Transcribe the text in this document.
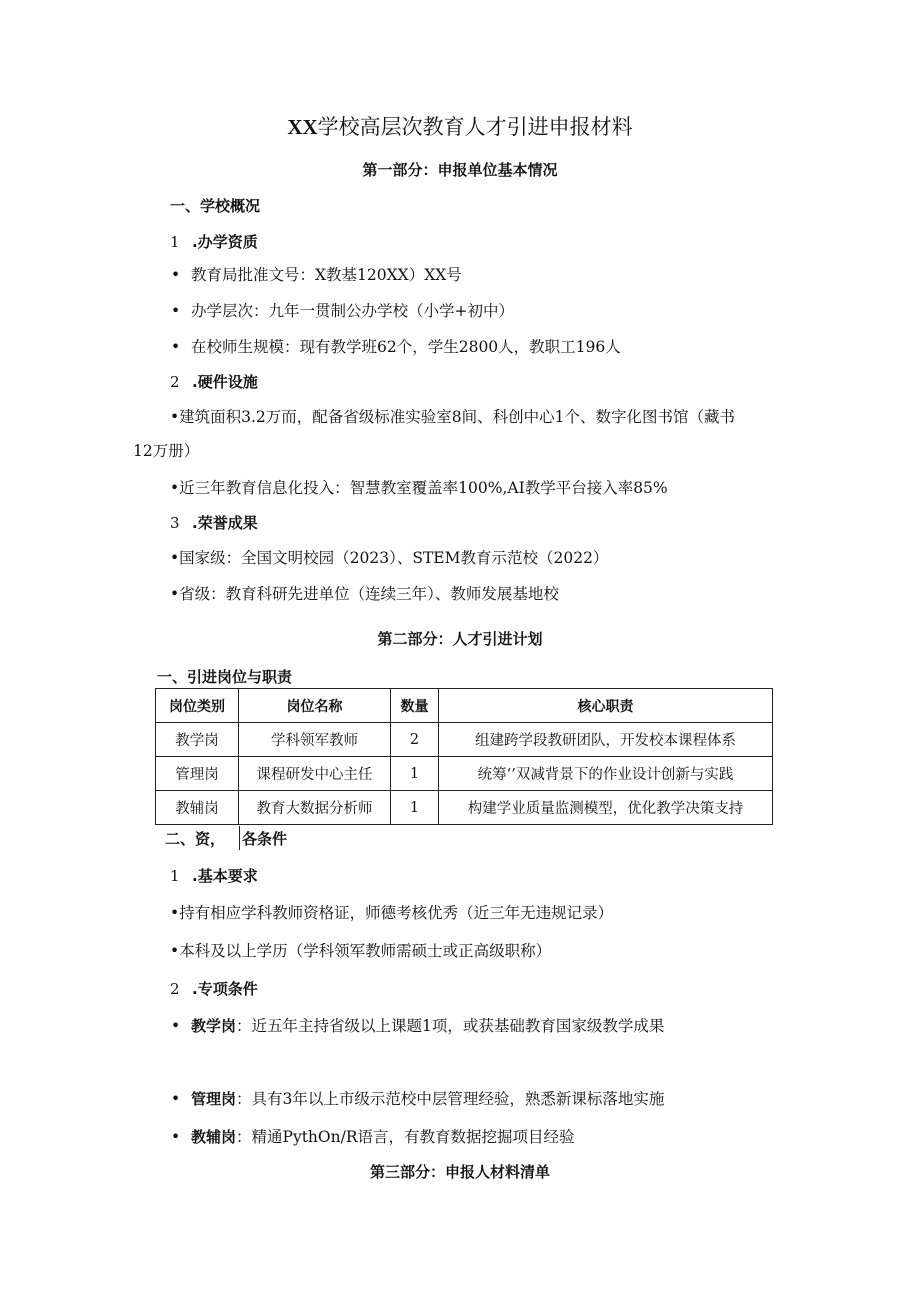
XX学校高层次教育人才引进申报材料
第一部分：申报单位基本情况
一、学校概况
1 .办学资质
• 教育局批准文号：X教基120XX）XX号
• 办学层次：九年一贯制公办学校（小学+初中）
• 在校师生规模：现有教学班62个，学生2800人，教职工196人
2 .硬件设施
•建筑面积3.2万而，配备省级标准实验室8间、科创中心1个、数字化图书馆（藏书
12万册）
•近三年教育信息化投入：智慧教室覆盖率100%,AI教学平台接入率85%
3 .荣誉成果
•国家级：全国文明校园（2023）、STEM教育示范校（2022）
•省级：教育科研先进单位（连续三年）、教师发展基地校
第二部分：人才引进计划
一、引进岗位与职责
岗位类别	岗位名称	数量	核心职责
教学岗	学科领军教师	2	组建跨学段教研团队，开发校本课程体系
管理岗	课程研发中心主任	1	统筹‘’双减背景下的作业设计创新与实践
教辅岗	教育大数据分析师	1	构建学业质量监测模型，优化教学决策支持
二、资， 各条件
1 .基本要求
•持有相应学科教师资格证，师德考核优秀（近三年无违规记录）
•本科及以上学历（学科领军教师需硕士或正高级职称）
2 .专项条件
• 教学岗：近五年主持省级以上课题1项，或获基础教育国家级教学成果
• 管理岗：具有3年以上市级示范校中层管理经验，熟悉新课标落地实施
• 教辅岗：精通PythOn/R语言，有教育数据挖掘项目经验
第三部分：申报人材料清单
